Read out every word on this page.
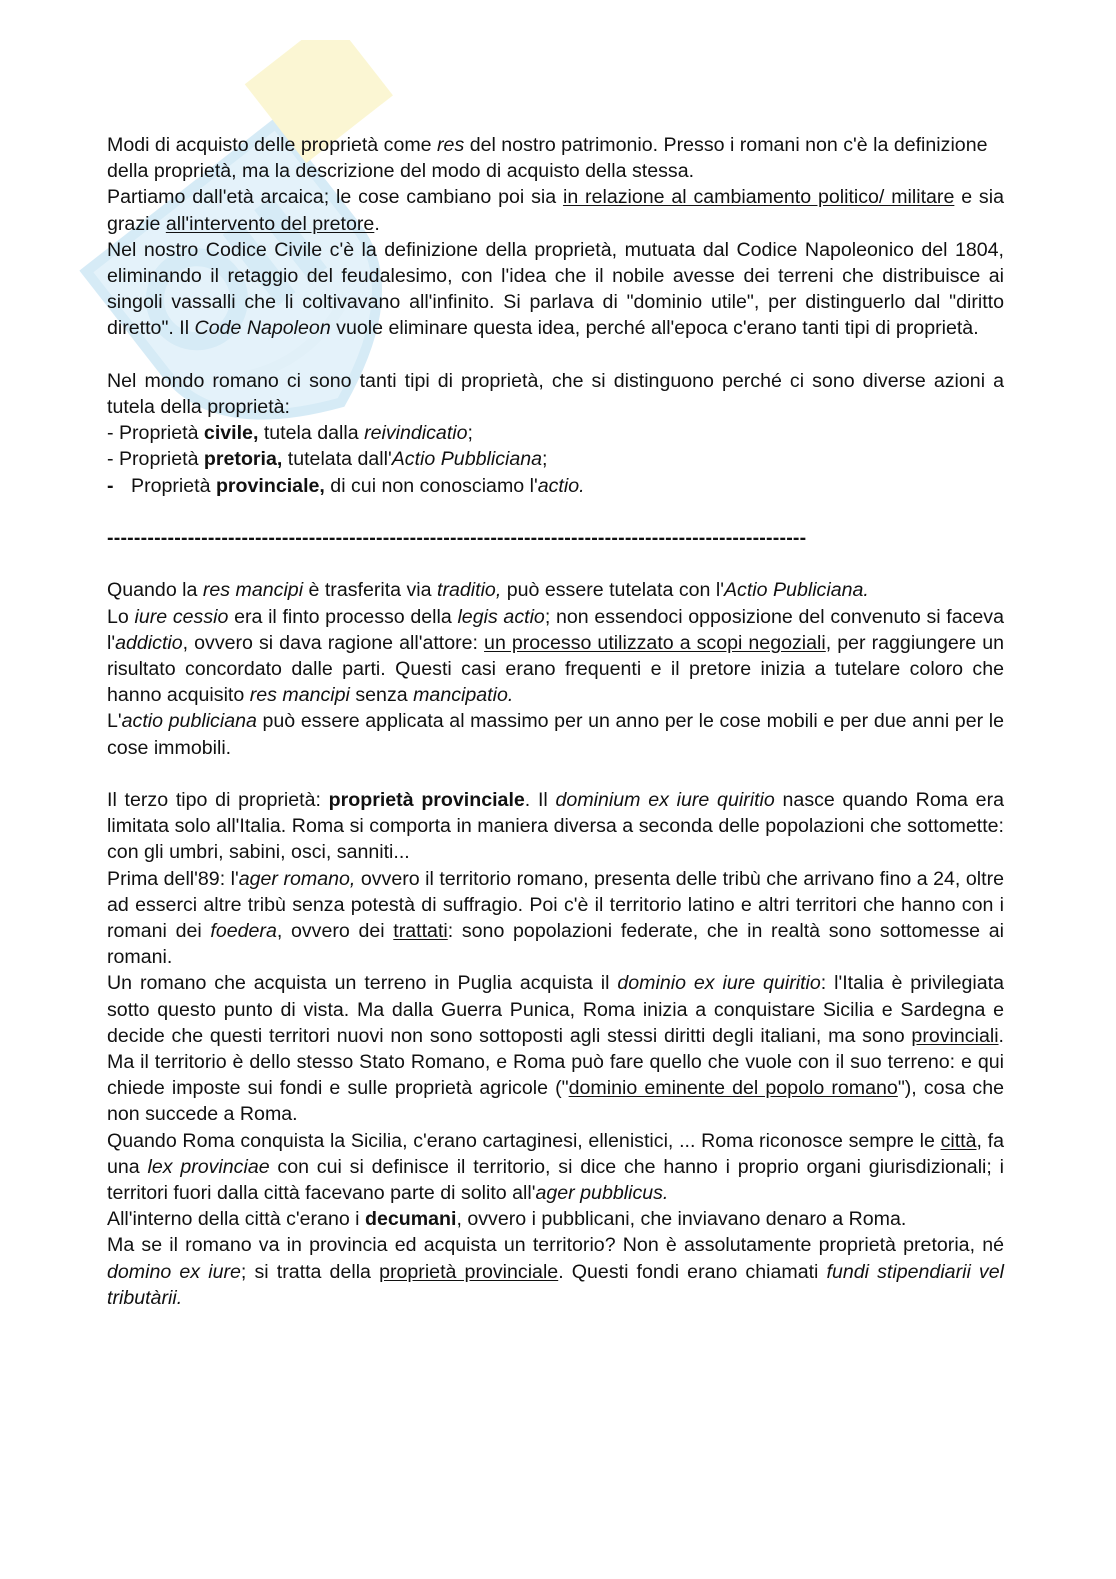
Modi di acquisto delle proprietà come res del nostro patrimonio. Presso i romani non c'è la definizione della proprietà, ma la descrizione del modo di acquisto della stessa.

Partiamo dall'età arcaica; le cose cambiano poi sia in relazione al cambiamento politico/ militare e sia grazie all'intervento del pretore.

Nel nostro Codice Civile c'è la definizione della proprietà, mutuata dal Codice Napoleonico del 1804, eliminando il retaggio del feudalesimo, con l'idea che il nobile avesse dei terreni che distribuisce ai singoli vassalli che li coltivavano all'infinito. Si parlava di "dominio utile", per distinguerlo dal "diritto diretto". Il Code Napoleon vuole eliminare questa idea, perché all'epoca c'erano tanti tipi di proprietà.

Nel mondo romano ci sono tanti tipi di proprietà, che si distinguono perché ci sono diverse azioni a tutela della proprietà:

- Proprietà civile, tutela dalla reivindicatio;

- Proprietà pretoria, tutelata dall'Actio Pubbliciana;

- Proprietà provinciale, di cui non conosciamo l'actio.

--------------------------------------------------------------------------------------------------------

Quando la res mancipi è trasferita via traditio, può essere tutelata con l'Actio Publiciana.

Lo iure cessio era il finto processo della legis actio; non essendoci opposizione del convenuto si faceva l'addictio, ovvero si dava ragione all'attore: un processo utilizzato a scopi negoziali, per raggiungere un risultato concordato dalle parti. Questi casi erano frequenti e il pretore inizia a tutelare coloro che hanno acquisito res mancipi senza mancipatio.

L'actio publiciana può essere applicata al massimo per un anno per le cose mobili e per due anni per le cose immobili.

Il terzo tipo di proprietà: proprietà provinciale. Il dominium ex iure quiritio nasce quando Roma era limitata solo all'Italia. Roma si comporta in maniera diversa a seconda delle popolazioni che sottomette: con gli umbri, sabini, osci, sanniti...

Prima dell'89: l'ager romano, ovvero il territorio romano, presenta delle tribù che arrivano fino a 24, oltre ad esserci altre tribù senza potestà di suffragio. Poi c'è il territorio latino e altri territori che hanno con i romani dei foedera, ovvero dei trattati: sono popolazioni federate, che in realtà sono sottomesse ai romani.

Un romano che acquista un terreno in Puglia acquista il dominio ex iure quiritio: l'Italia è privilegiata sotto questo punto di vista. Ma dalla Guerra Punica, Roma inizia a conquistare Sicilia e Sardegna e decide che questi territori nuovi non sono sottoposti agli stessi diritti degli italiani, ma sono provinciali. Ma il territorio è dello stesso Stato Romano, e Roma può fare quello che vuole con il suo terreno: e qui chiede imposte sui fondi e sulle proprietà agricole ("dominio eminente del popolo romano"), cosa che non succede a Roma.

Quando Roma conquista la Sicilia, c'erano cartaginesi, ellenistici, ... Roma riconosce sempre le città, fa una lex provinciae con cui si definisce il territorio, si dice che hanno i proprio organi giurisdizionali; i territori fuori dalla città facevano parte di solito all'ager pubblicus.

All'interno della città c'erano i decumani, ovvero i pubblicani, che inviavano denaro a Roma.

Ma se il romano va in provincia ed acquista un territorio? Non è assolutamente proprietà pretoria, né domino ex iure; si tratta della proprietà provinciale. Questi fondi erano chiamati fundi stipendiarii vel tributàrii.
